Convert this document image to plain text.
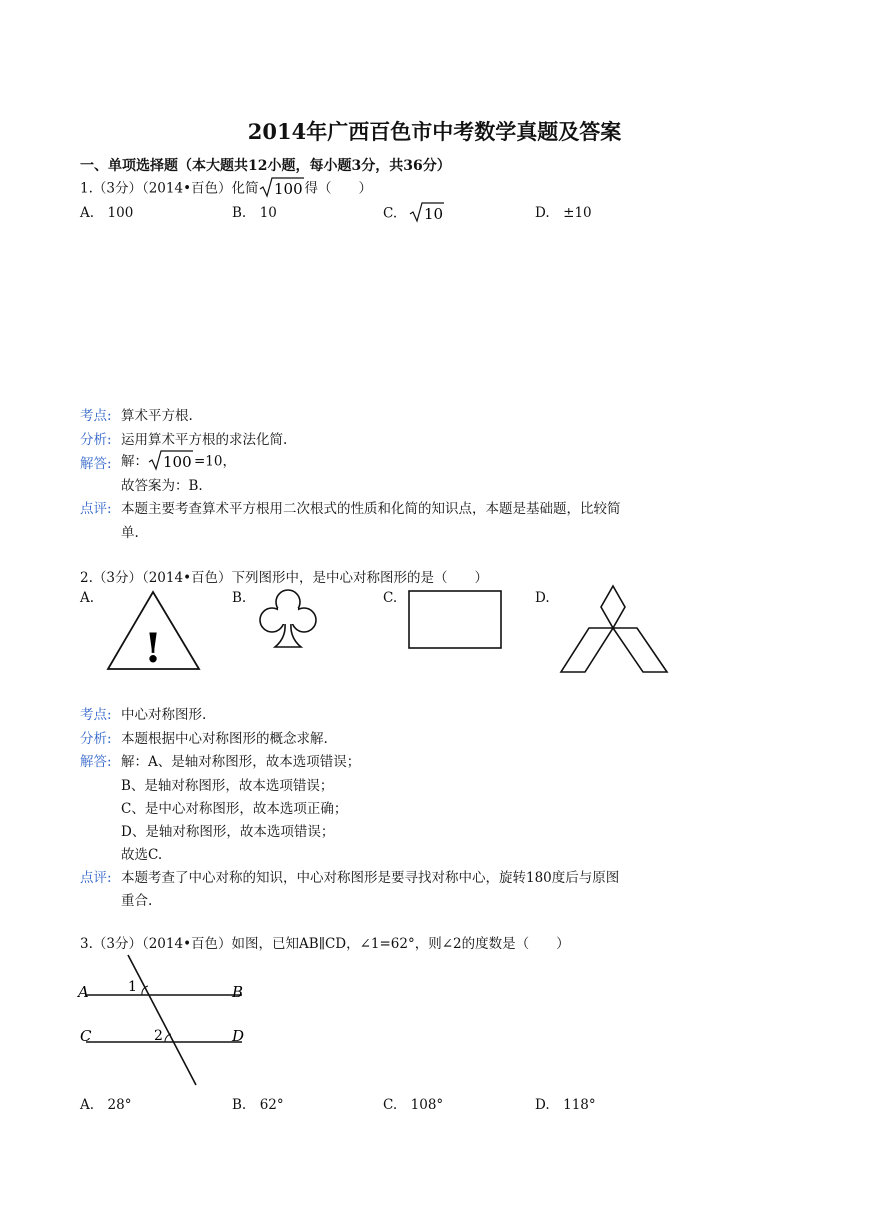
2014年广西百色市中考数学真题及答案
一、单项选择题（本大题共12小题，每小题3分，共36分）
1.（3分）（2014•百色）化简 100 得（　　）
A.　100	B.　10	C. 10	D.　±10
考点: 算术平方根.
分析: 运用算术平方根的求法化简.
解答: 解： 100 =10，
故答案为：B.
点评: 本题主要考查算术平方根用二次根式的性质和化简的知识点，本题是基础题，比较简
单.
2.（3分）（2014•百色）下列图形中，是中心对称图形的是（　　）
A.	B.	C.	D.
!
考点: 中心对称图形.
分析: 本题根据中心对称图形的概念求解.
解答: 解：A、是轴对称图形，故本选项错误；
B、是轴对称图形，故本选项错误；
C、是中心对称图形，故本选项正确；
D、是轴对称图形，故本选项错误；
故选C.
点评: 本题考查了中心对称的知识，中心对称图形是要寻找对称中心，旋转180度后与原图
重合.
3.（3分）（2014•百色）如图，已知AB∥CD，∠1=62°，则∠2的度数是（　　）
A	B
C	D
1
2
A.　28°	B.　62°	C.　108°	D.　118°
